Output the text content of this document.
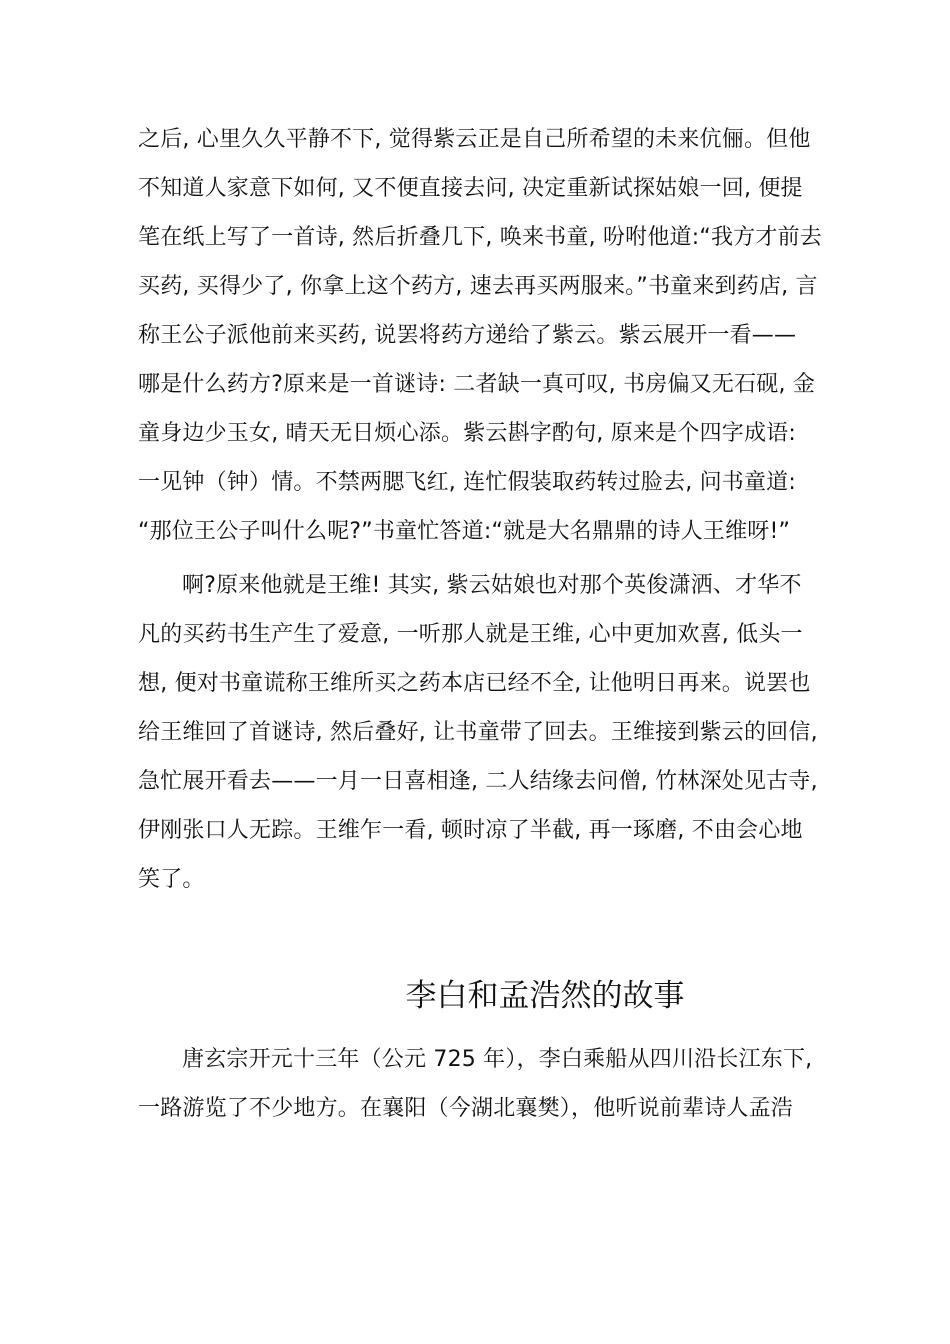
之后, 心里久久平静不下, 觉得紫云正是自己所希望的未来伉俪。但他
不知道人家意下如何, 又不便直接去问, 决定重新试探姑娘一回, 便提
笔在纸上写了一首诗, 然后折叠几下, 唤来书童, 吩咐他道:“我方才前去
买药, 买得少了, 你拿上这个药方, 速去再买两服来。”书童来到药店, 言
称王公子派他前来买药, 说罢将药方递给了紫云。紫云展开一看——
哪是什么药方?原来是一首谜诗: 二者缺一真可叹, 书房偏又无石砚, 金
童身边少玉女, 晴天无日烦心添。紫云斟字酌句, 原来是个四字成语:
一见钟（钟）情。不禁两腮飞红, 连忙假装取药转过脸去, 问书童道:
“那位王公子叫什么呢?”书童忙答道:“就是大名鼎鼎的诗人王维呀!”
啊?原来他就是王维! 其实, 紫云姑娘也对那个英俊潇洒、才华不
凡的买药书生产生了爱意, 一听那人就是王维, 心中更加欢喜, 低头一
想, 便对书童谎称王维所买之药本店已经不全, 让他明日再来。说罢也
给王维回了首谜诗, 然后叠好, 让书童带了回去。王维接到紫云的回信,
急忙展开看去——一月一日喜相逢, 二人结缘去问僧, 竹林深处见古寺,
伊刚张口人无踪。王维乍一看, 顿时凉了半截, 再一琢磨, 不由会心地
笑了。
李白和孟浩然的故事
唐玄宗开元十三年（公元 725 年），李白乘船从四川沿长江东下,
一路游览了不少地方。在襄阳（今湖北襄樊），他听说前辈诗人孟浩
